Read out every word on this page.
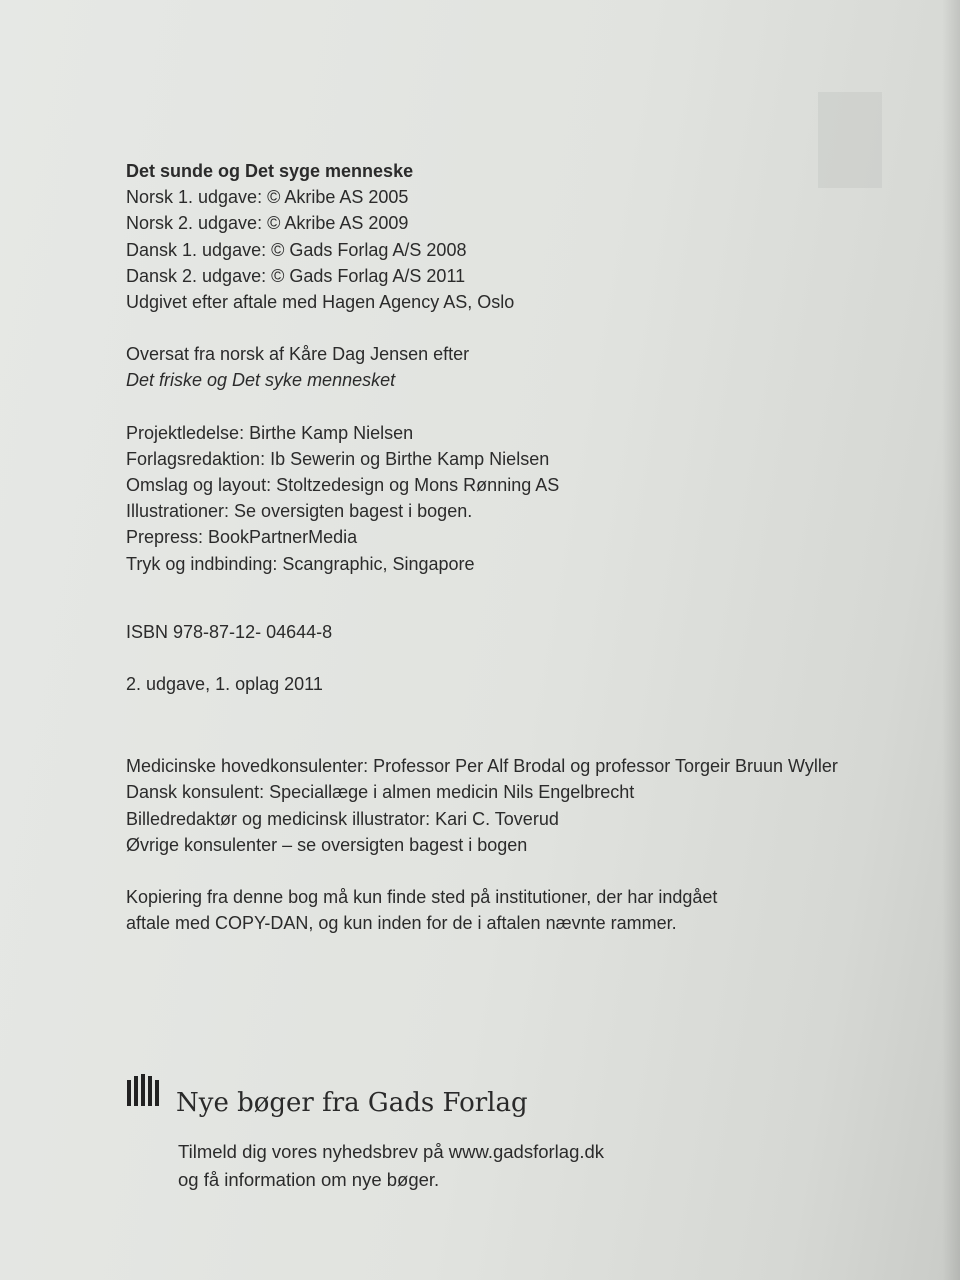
Det sunde og Det syge menneske

Norsk 1. udgave: © Akribe AS 2005

Norsk 2. udgave: © Akribe AS 2009

Dansk 1. udgave: © Gads Forlag A/S 2008

Dansk 2. udgave: © Gads Forlag A/S 2011

Udgivet efter aftale med Hagen Agency AS, Oslo

Oversat fra norsk af Kåre Dag Jensen efter

Det friske og Det syke mennesket

Projektledelse: Birthe Kamp Nielsen

Forlagsredaktion: Ib Sewerin og Birthe Kamp Nielsen

Omslag og layout: Stoltzedesign og Mons Rønning AS

Illustrationer: Se oversigten bagest i bogen.

Prepress: BookPartnerMedia

Tryk og indbinding: Scangraphic, Singapore

ISBN 978-87-12- 04644-8

2. udgave, 1. oplag 2011

Medicinske hovedkonsulenter: Professor Per Alf Brodal og professor Torgeir Bruun Wyller

Dansk konsulent: Speciallæge i almen medicin Nils Engelbrecht

Billedredaktør og medicinsk illustrator: Kari C. Toverud

Øvrige konsulenter – se oversigten bagest i bogen

Kopiering fra denne bog må kun finde sted på institutioner, der har indgået aftale med COPY-DAN, og kun inden for de i aftalen nævnte rammer.

Nye bøger fra Gads Forlag

Tilmeld dig vores nyhedsbrev på www.gadsforlag.dk

og få information om nye bøger.
